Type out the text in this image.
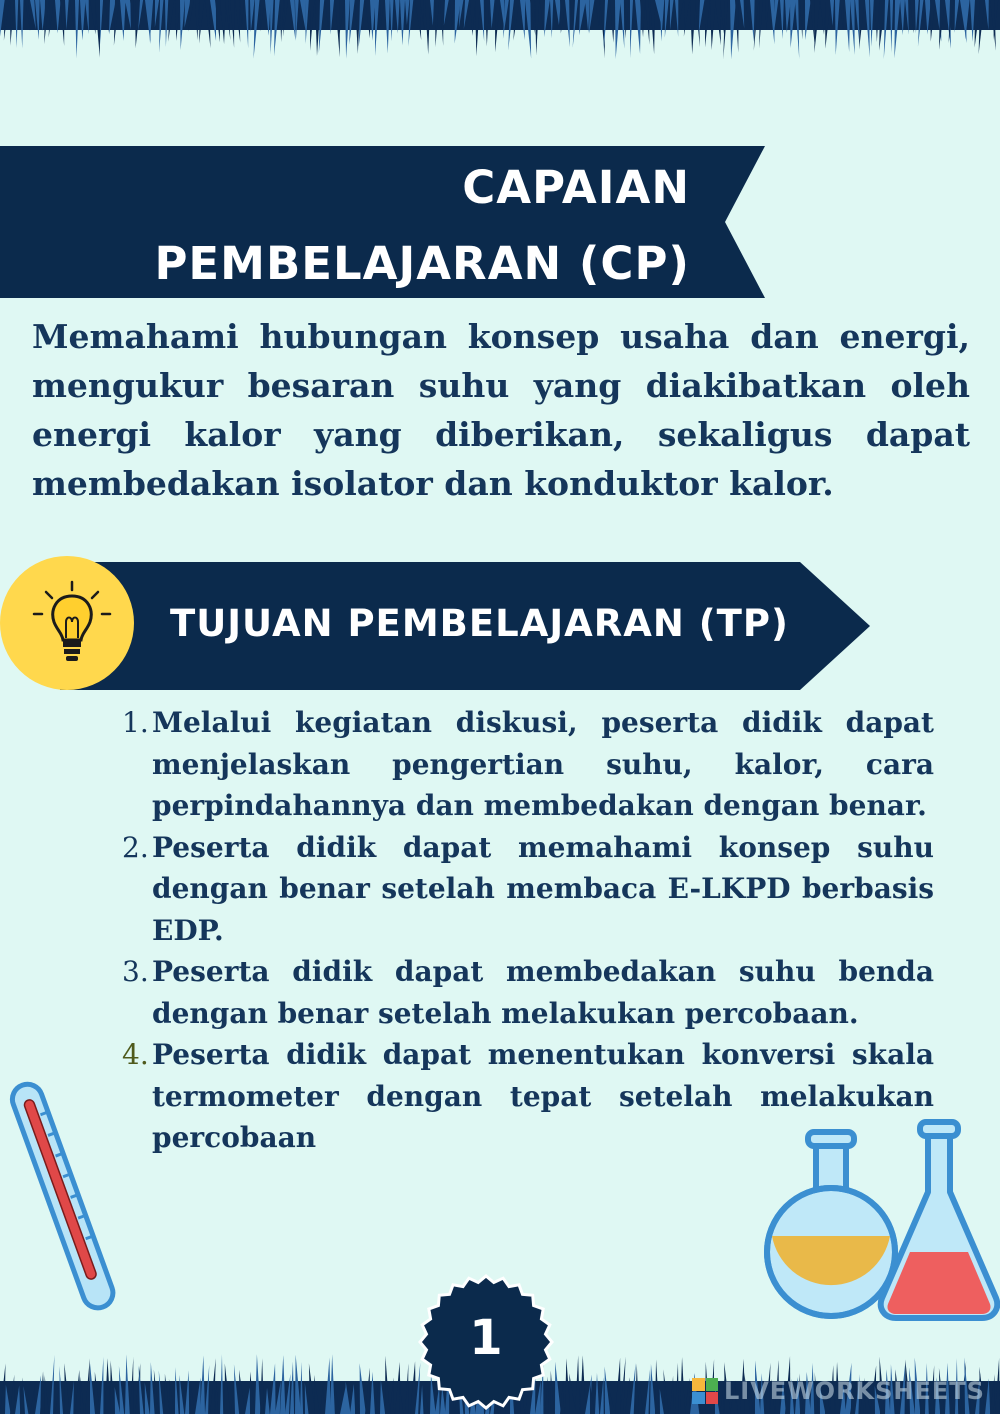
CAPAIAN
PEMBELAJARAN (CP)
Memahami hubungan konsep usaha dan energi, mengukur besaran suhu yang diakibatkan oleh energi kalor yang diberikan, sekaligus dapat membedakan isolator dan konduktor kalor.
TUJUAN PEMBELAJARAN (TP)
1. Melalui kegiatan diskusi, peserta didik dapat menjelaskan pengertian suhu, kalor, cara perpindahannya dan membedakan dengan benar.
2. Peserta didik dapat memahami konsep suhu dengan benar setelah membaca E-LKPD berbasis EDP.
3. Peserta didik dapat membedakan suhu benda dengan benar setelah melakukan percobaan.
4. Peserta didik dapat menentukan konversi skala termometer dengan tepat setelah melakukan percobaan
1
LIVEWORKSHEETS
